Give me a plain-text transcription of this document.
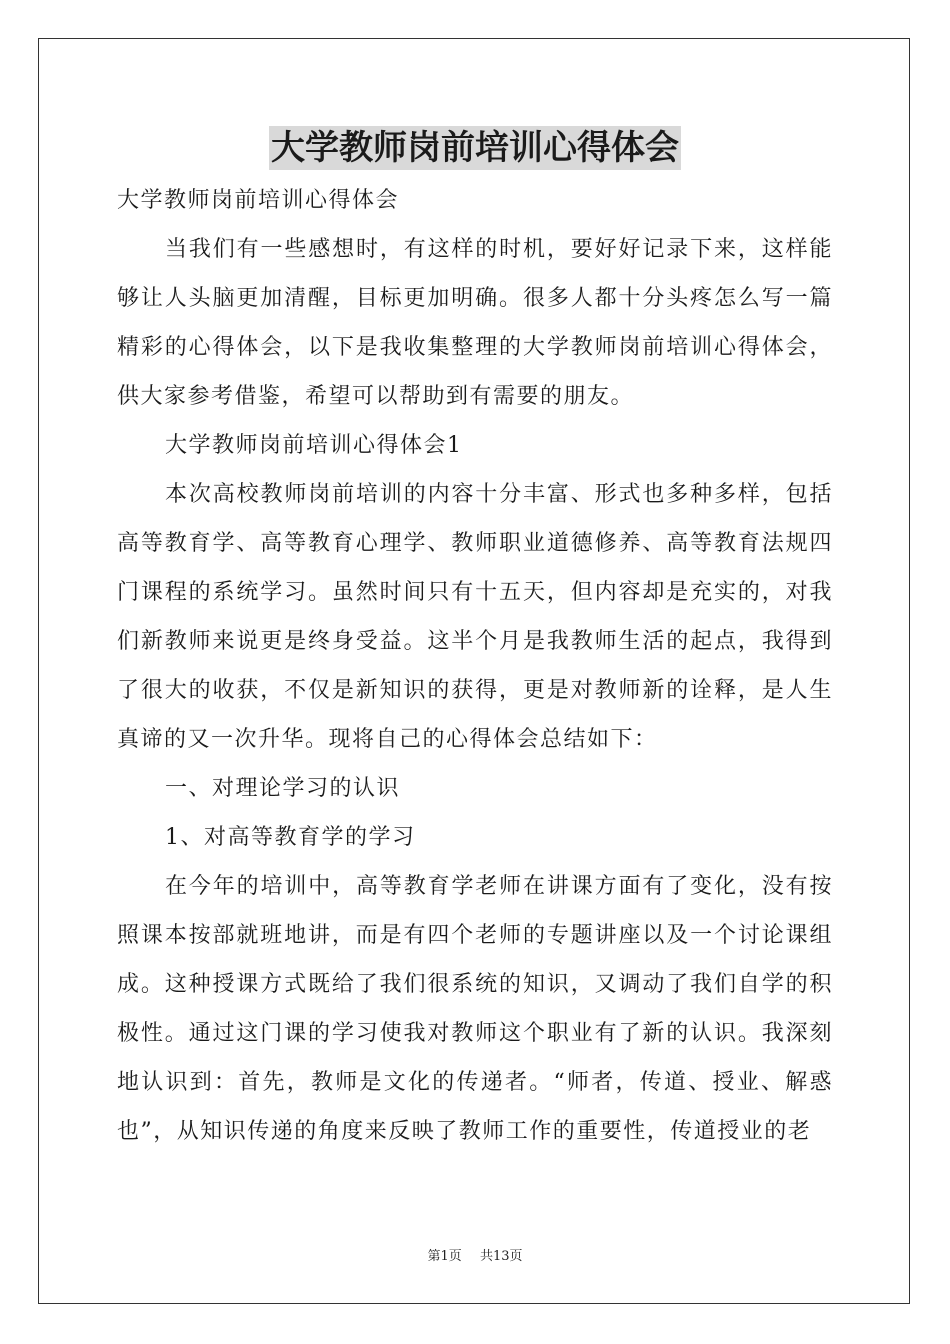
大学教师岗前培训心得体会

大学教师岗前培训心得体会

当我们有一些感想时，有这样的时机，要好好记录下来，这样能够让人头脑更加清醒，目标更加明确。很多人都十分头疼怎么写一篇精彩的心得体会，以下是我收集整理的大学教师岗前培训心得体会，供大家参考借鉴，希望可以帮助到有需要的朋友。

大学教师岗前培训心得体会1

本次高校教师岗前培训的内容十分丰富、形式也多种多样，包括高等教育学、高等教育心理学、教师职业道德修养、高等教育法规四门课程的系统学习。虽然时间只有十五天，但内容却是充实的，对我们新教师来说更是终身受益。这半个月是我教师生活的起点，我得到了很大的收获，不仅是新知识的获得，更是对教师新的诠释，是人生真谛的又一次升华。现将自己的心得体会总结如下：

一、对理论学习的认识

1、对高等教育学的学习

在今年的培训中，高等教育学老师在讲课方面有了变化，没有按照课本按部就班地讲，而是有四个老师的专题讲座以及一个讨论课组成。这种授课方式既给了我们很系统的知识，又调动了我们自学的积极性。通过这门课的学习使我对教师这个职业有了新的认识。我深刻地认识到：首先，教师是文化的传递者。“师者，传道、授业、解惑也”，从知识传递的角度来反映了教师工作的重要性，传道授业的老

第1页 共13页
